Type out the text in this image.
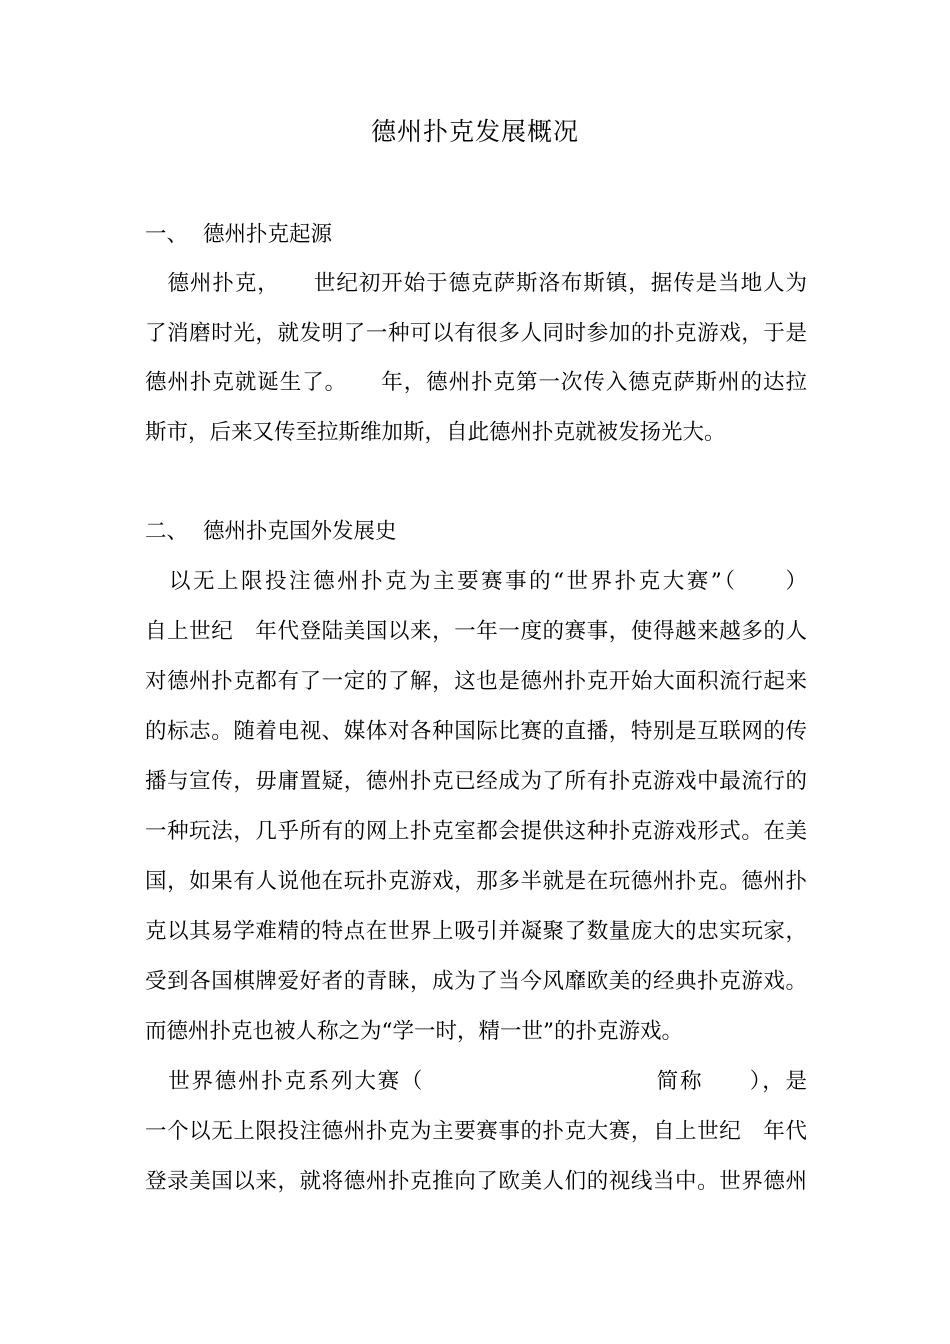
德州扑克发展概况
一、 德州扑克起源
　德州扑克，　　世纪初开始于德克萨斯洛布斯镇，据传是当地人为
了消磨时光，就发明了一种可以有很多人同时参加的扑克游戏，于是
德州扑克就诞生了。　　年，德州扑克第一次传入德克萨斯州的达拉
斯市，后来又传至拉斯维加斯，自此德州扑克就被发扬光大。
二、 德州扑克国外发展史
　以无上限投注德州扑克为主要赛事的“世界扑克大赛”（　　）
自上世纪　年代登陆美国以来，一年一度的赛事，使得越来越多的人
对德州扑克都有了一定的了解，这也是德州扑克开始大面积流行起来
的标志。随着电视、媒体对各种国际比赛的直播，特别是互联网的传
播与宣传，毋庸置疑，德州扑克已经成为了所有扑克游戏中最流行的
一种玩法，几乎所有的网上扑克室都会提供这种扑克游戏形式。在美
国，如果有人说他在玩扑克游戏，那多半就是在玩德州扑克。德州扑
克以其易学难精的特点在世界上吸引并凝聚了数量庞大的忠实玩家，
受到各国棋牌爱好者的青睐，成为了当今风靡欧美的经典扑克游戏。
而德州扑克也被人称之为“学一时，精一世”的扑克游戏。
　世界德州扑克系列大赛（　　　　　　　　　　简称　　），是
一个以无上限投注德州扑克为主要赛事的扑克大赛，自上世纪　年代
登录美国以来，就将德州扑克推向了欧美人们的视线当中。世界德州
